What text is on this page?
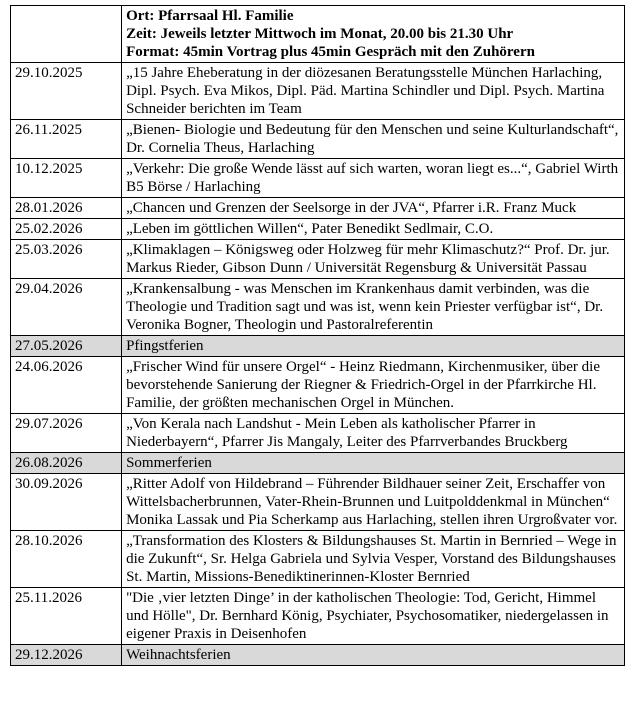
	Ort: Pfarrsaal Hl. Familie
Zeit: Jeweils letzter Mittwoch im Monat, 20.00 bis 21.30 Uhr
Format: 45min Vortrag plus 45min Gespräch mit den Zuhörern

29.10.2025	„15 Jahre Eheberatung in der diözesanen Beratungsstelle München Harlaching, Dipl. Psych. Eva Mikos, Dipl. Päd. Martina Schindler und Dipl. Psych. Martina Schneider berichten im Team
26.11.2025	„Bienen- Biologie und Bedeutung für den Menschen und seine Kulturlandschaft“, Dr. Cornelia Theus, Harlaching
10.12.2025	„Verkehr: Die große Wende lässt auf sich warten, woran liegt es...“, Gabriel Wirth B5 Börse / Harlaching
28.01.2026	„Chancen und Grenzen der Seelsorge in der JVA“, Pfarrer i.R. Franz Muck
25.02.2026	„Leben im göttlichen Willen“, Pater Benedikt Sedlmair, C.O.
25.03.2026	„Klimaklagen – Königsweg oder Holzweg für mehr Klimaschutz?“ Prof. Dr. jur. Markus Rieder, Gibson Dunn / Universität Regensburg & Universität Passau
29.04.2026	„Krankensalbung - was Menschen im Krankenhaus damit verbinden, was die Theologie und Tradition sagt und was ist, wenn kein Priester verfügbar ist“, Dr. Veronika Bogner, Theologin und Pastoralreferentin
27.05.2026	Pfingstferien
24.06.2026	„Frischer Wind für unsere Orgel“ - Heinz Riedmann, Kirchenmusiker, über die bevorstehende Sanierung der Riegner & Friedrich-Orgel in der Pfarrkirche Hl. Familie, der größten mechanischen Orgel in München.
29.07.2026	„Von Kerala nach Landshut - Mein Leben als katholischer Pfarrer in Niederbayern“, Pfarrer Jis Mangaly, Leiter des Pfarrverbandes Bruckberg
26.08.2026	Sommerferien
30.09.2026	„Ritter Adolf von Hildebrand – Führender Bildhauer seiner Zeit, Erschaffer von Wittelsbacherbrunnen, Vater-Rhein-Brunnen und Luitpolddenkmal in München“ Monika Lassak und Pia Scherkamp aus Harlaching, stellen ihren Urgroßvater vor.
28.10.2026	„Transformation des Klosters & Bildungshauses St. Martin in Bernried – Wege in die Zukunft“, Sr. Helga Gabriela und Sylvia Vesper, Vorstand des Bildungshauses St. Martin, Missions-Benediktinerinnen-Kloster Bernried
25.11.2026	"Die ‚vier letzten Dinge’ in der katholischen Theologie: Tod, Gericht, Himmel und Hölle", Dr. Bernhard König, Psychiater, Psychosomatiker, niedergelassen in eigener Praxis in Deisenhofen
29.12.2026	Weihnachtsferien
